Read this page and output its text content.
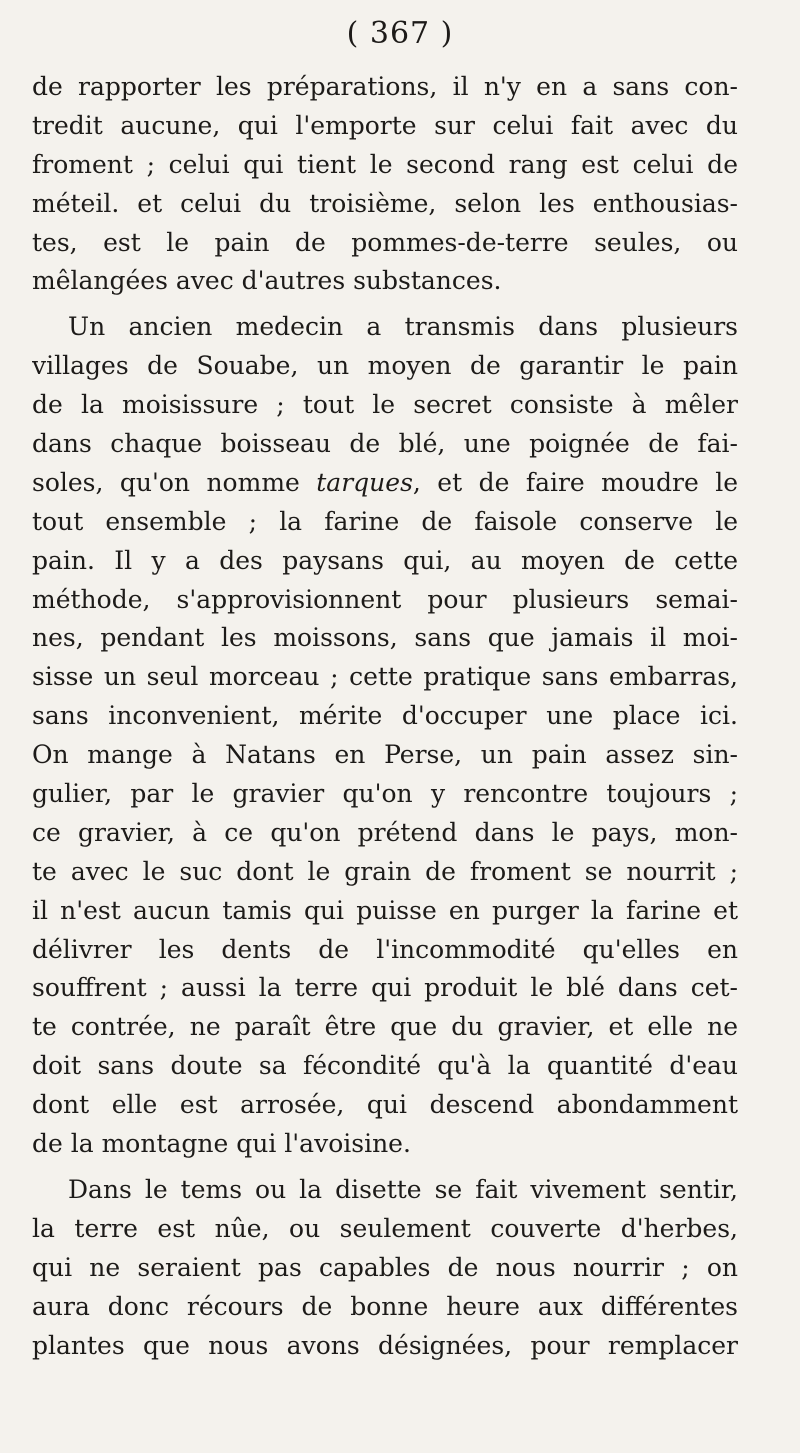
( 367 )
de rapporter les préparations, il n'y en a sans con-
tredit aucune, qui l'emporte sur celui fait avec du
froment ; celui qui tient le second rang est celui de
méteil. et celui du troisième, selon les enthousias-
tes, est le pain de pommes-de-terre seules, ou
mêlangées avec d'autres substances.
Un ancien medecin a transmis dans plusieurs
villages de Souabe, un moyen de garantir le pain
de la moisissure ; tout le secret consiste à mêler
dans chaque boisseau de blé, une poignée de fai-
soles, qu'on nomme tarques, et de faire moudre le
tout ensemble ; la farine de faisole conserve le
pain. Il y a des paysans qui, au moyen de cette
méthode, s'approvisionnent pour plusieurs semai-
nes, pendant les moissons, sans que jamais il moi-
sisse un seul morceau ; cette pratique sans embarras,
sans inconvenient, mérite d'occuper une place ici.
On mange à Natans en Perse, un pain assez sin-
gulier, par le gravier qu'on y rencontre toujours ;
ce gravier, à ce qu'on prétend dans le pays, mon-
te avec le suc dont le grain de froment se nourrit ;
il n'est aucun tamis qui puisse en purger la farine et
délivrer les dents de l'incommodité qu'elles en
souffrent ; aussi la terre qui produit le blé dans cet-
te contrée, ne paraît être que du gravier, et elle ne
doit sans doute sa fécondité qu'à la quantité d'eau
dont elle est arrosée, qui descend abondamment
de la montagne qui l'avoisine.
Dans le tems ou la disette se fait vivement sentir,
la terre est nûe, ou seulement couverte d'herbes,
qui ne seraient pas capables de nous nourrir ; on
aura donc récours de bonne heure aux différentes
plantes que nous avons désignées, pour remplacer
